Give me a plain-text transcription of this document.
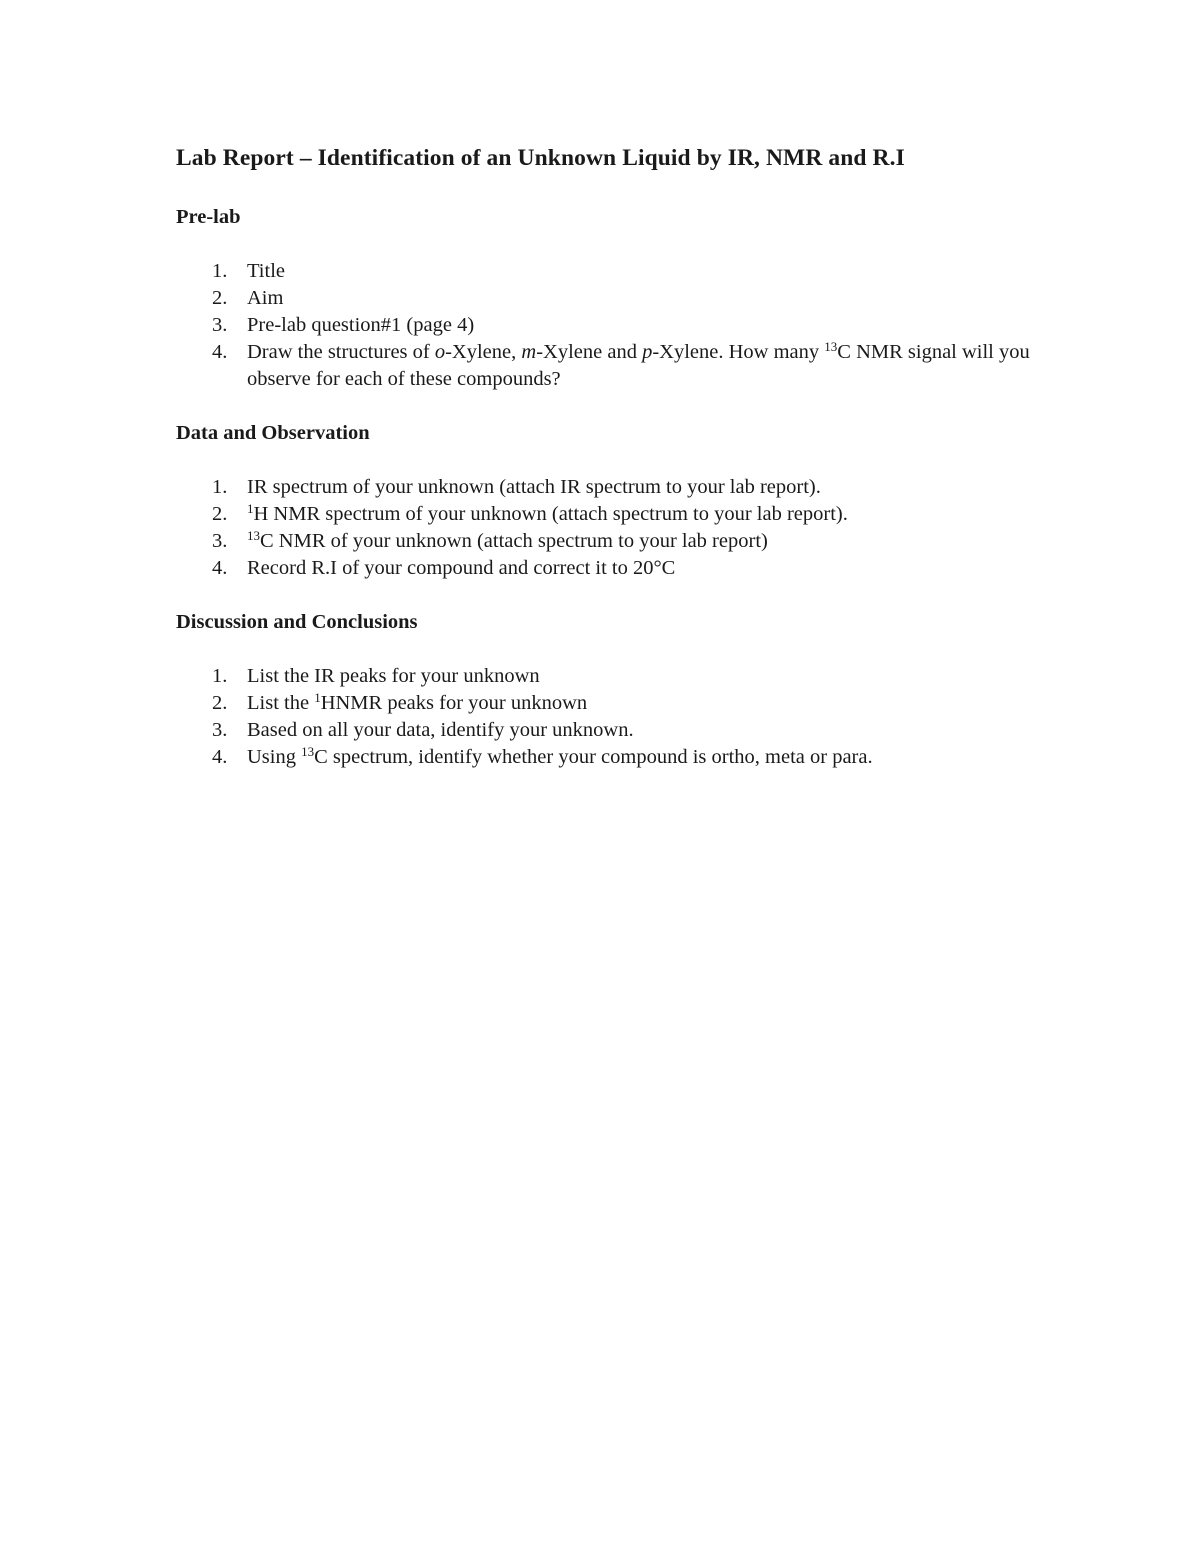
Lab Report – Identification of an Unknown Liquid by IR, NMR and R.I
Pre-lab
1. Title
2. Aim
3. Pre-lab question#1 (page 4)
4. Draw the structures of o-Xylene, m-Xylene and p-Xylene. How many $^{13}$C NMR signal will you observe for each of these compounds?
Data and Observation
1. IR spectrum of your unknown (attach IR spectrum to your lab report).
2. $^1$H NMR spectrum of your unknown (attach spectrum to your lab report).
3. $^{13}$C NMR of your unknown (attach spectrum to your lab report)
4. Record R.I of your compound and correct it to 20°C
Discussion and Conclusions
1. List the IR peaks for your unknown
2. List the $^1$HNMR peaks for your unknown
3. Based on all your data, identify your unknown.
4. Using $^{13}$C spectrum, identify whether your compound is ortho, meta or para.
